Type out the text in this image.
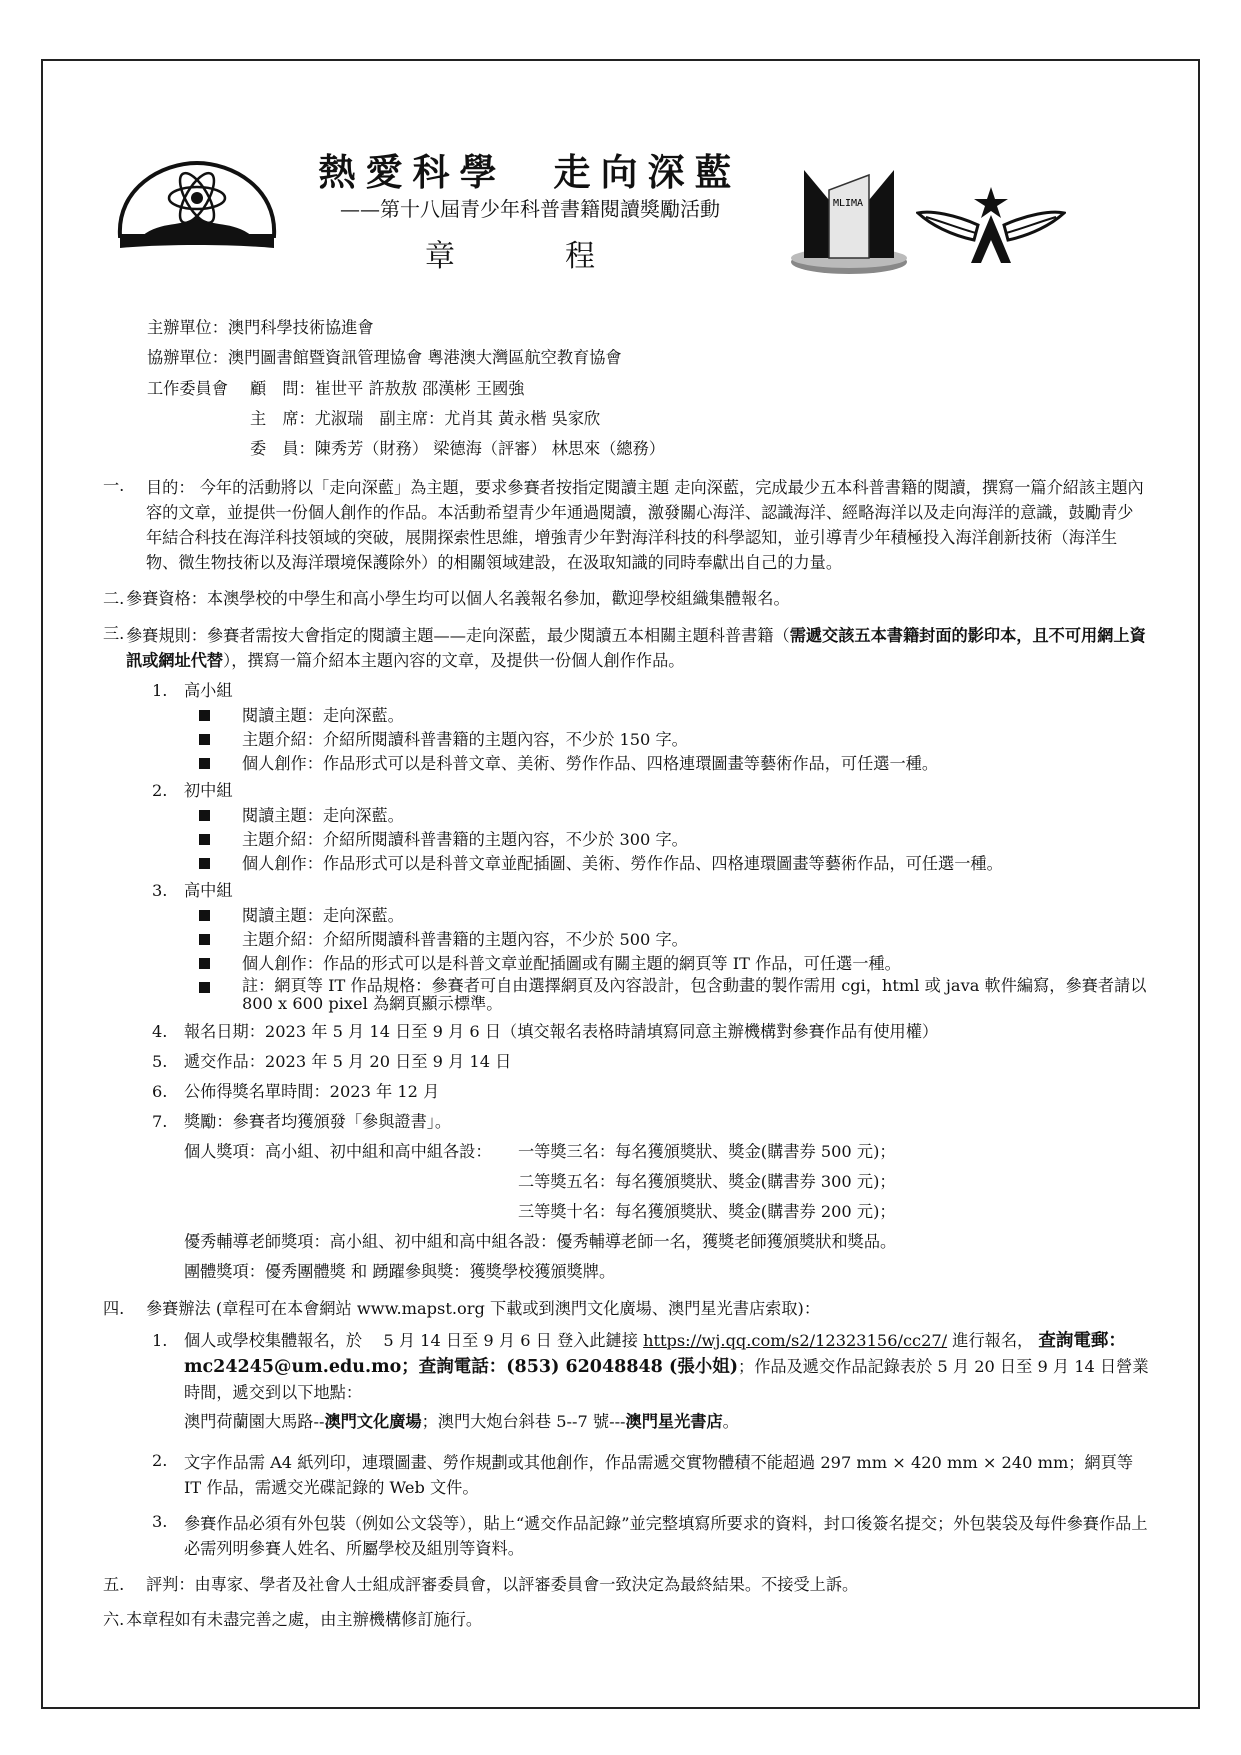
熱愛科學　走向深藍
——第十八屆青少年科普書籍閱讀獎勵活動
章　程
MLIMA
主辦單位：澳門科學技術協進會
協辦單位：澳門圖書館暨資訊管理協會 粵港澳大灣區航空教育協會
工作委員會 顧　問：崔世平 許敖敖 邵漢彬 王國強
主　席：尤淑瑞　副主席：尤肖其 黃永楷 吳家欣
委　員：陳秀芳（財務） 梁德海（評審） 林思來（總務）
一. 目的： 今年的活動將以「走向深藍」為主題，要求參賽者按指定閱讀主題 走向深藍，完成最少五本科普書籍的閱讀，撰寫一篇介紹該主題內容的文章，並提供一份個人創作的作品。本活動希望青少年通過閱讀，激發關心海洋、認識海洋、經略海洋以及走向海洋的意識，鼓勵青少年結合科技在海洋科技領域的突破，展開探索性思維，增強青少年對海洋科技的科學認知，並引導青少年積極投入海洋創新技術（海洋生物、微生物技術以及海洋環境保護除外）的相關領域建設，在汲取知識的同時奉獻出自己的力量。
二. 參賽資格：本澳學校的中學生和高小學生均可以個人名義報名參加，歡迎學校組織集體報名。
三. 參賽規則：參賽者需按大會指定的閱讀主題——走向深藍，最少閱讀五本相關主題科普書籍（需遞交該五本書籍封面的影印本，且不可用網上資訊或網址代替），撰寫一篇介紹本主題內容的文章，及提供一份個人創作作品。
1. 高小組
閱讀主題：走向深藍。
主題介紹：介紹所閱讀科普書籍的主題內容，不少於 150 字。
個人創作：作品形式可以是科普文章、美術、勞作作品、四格連環圖畫等藝術作品，可任選一種。
2. 初中組
閱讀主題：走向深藍。
主題介紹：介紹所閱讀科普書籍的主題內容，不少於 300 字。
個人創作：作品形式可以是科普文章並配插圖、美術、勞作作品、四格連環圖畫等藝術作品，可任選一種。
3. 高中組
閱讀主題：走向深藍。
主題介紹：介紹所閱讀科普書籍的主題內容，不少於 500 字。
個人創作：作品的形式可以是科普文章並配插圖或有關主題的網頁等 IT 作品，可任選一種。
註：網頁等 IT 作品規格：參賽者可自由選擇網頁及內容設計，包含動畫的製作需用 cgi，html 或 java 軟件編寫，參賽者請以 800 x 600 pixel 為網頁顯示標準。
4. 報名日期：2023 年 5 月 14 日至 9 月 6 日（填交報名表格時請填寫同意主辦機構對參賽作品有使用權）
5. 遞交作品：2023 年 5 月 20 日至 9 月 14 日
6. 公佈得獎名單時間：2023 年 12 月
7. 獎勵：參賽者均獲頒發「參與證書」。
個人獎項：高小組、初中組和高中組各設： 一等獎三名：每名獲頒獎狀、獎金(購書券 500 元)；
二等獎五名：每名獲頒獎狀、獎金(購書券 300 元)；
三等獎十名：每名獲頒獎狀、獎金(購書券 200 元)；
優秀輔導老師獎項：高小組、初中組和高中組各設：優秀輔導老師一名，獲獎老師獲頒獎狀和獎品。
團體獎項：優秀團體獎 和 踴躍參與獎：獲獎學校獲頒獎牌。
四. 參賽辦法 (章程可在本會網站 www.mapst.org 下載或到澳門文化廣場、澳門星光書店索取)：
1. 個人或學校集體報名，於　 5 月 14 日至 9 月 6 日 登入此鏈接 https://wj.qq.com/s2/12323156/cc27/ 進行報名， 查詢電郵：mc24245@um.edu.mo；查詢電話：(853) 62048848 (張小姐)；作品及遞交作品記錄表於 5 月 20 日至 9 月 14 日營業時間，遞交到以下地點：
澳門荷蘭園大馬路--澳門文化廣場；澳門大炮台斜巷 5--7 號---澳門星光書店。
2. 文字作品需 A4 紙列印，連環圖畫、勞作規劃或其他創作，作品需遞交實物體積不能超過 297 mm × 420 mm × 240 mm；網頁等 IT 作品，需遞交光碟記錄的 Web 文件。
3. 參賽作品必須有外包裝（例如公文袋等），貼上“遞交作品記錄”並完整填寫所要求的資料，封口後簽名提交；外包裝袋及每件參賽作品上必需列明參賽人姓名、所屬學校及組別等資料。
五. 評判：由專家、學者及社會人士組成評審委員會，以評審委員會一致決定為最終結果。不接受上訴。
六. 本章程如有未盡完善之處，由主辦機構修訂施行。
